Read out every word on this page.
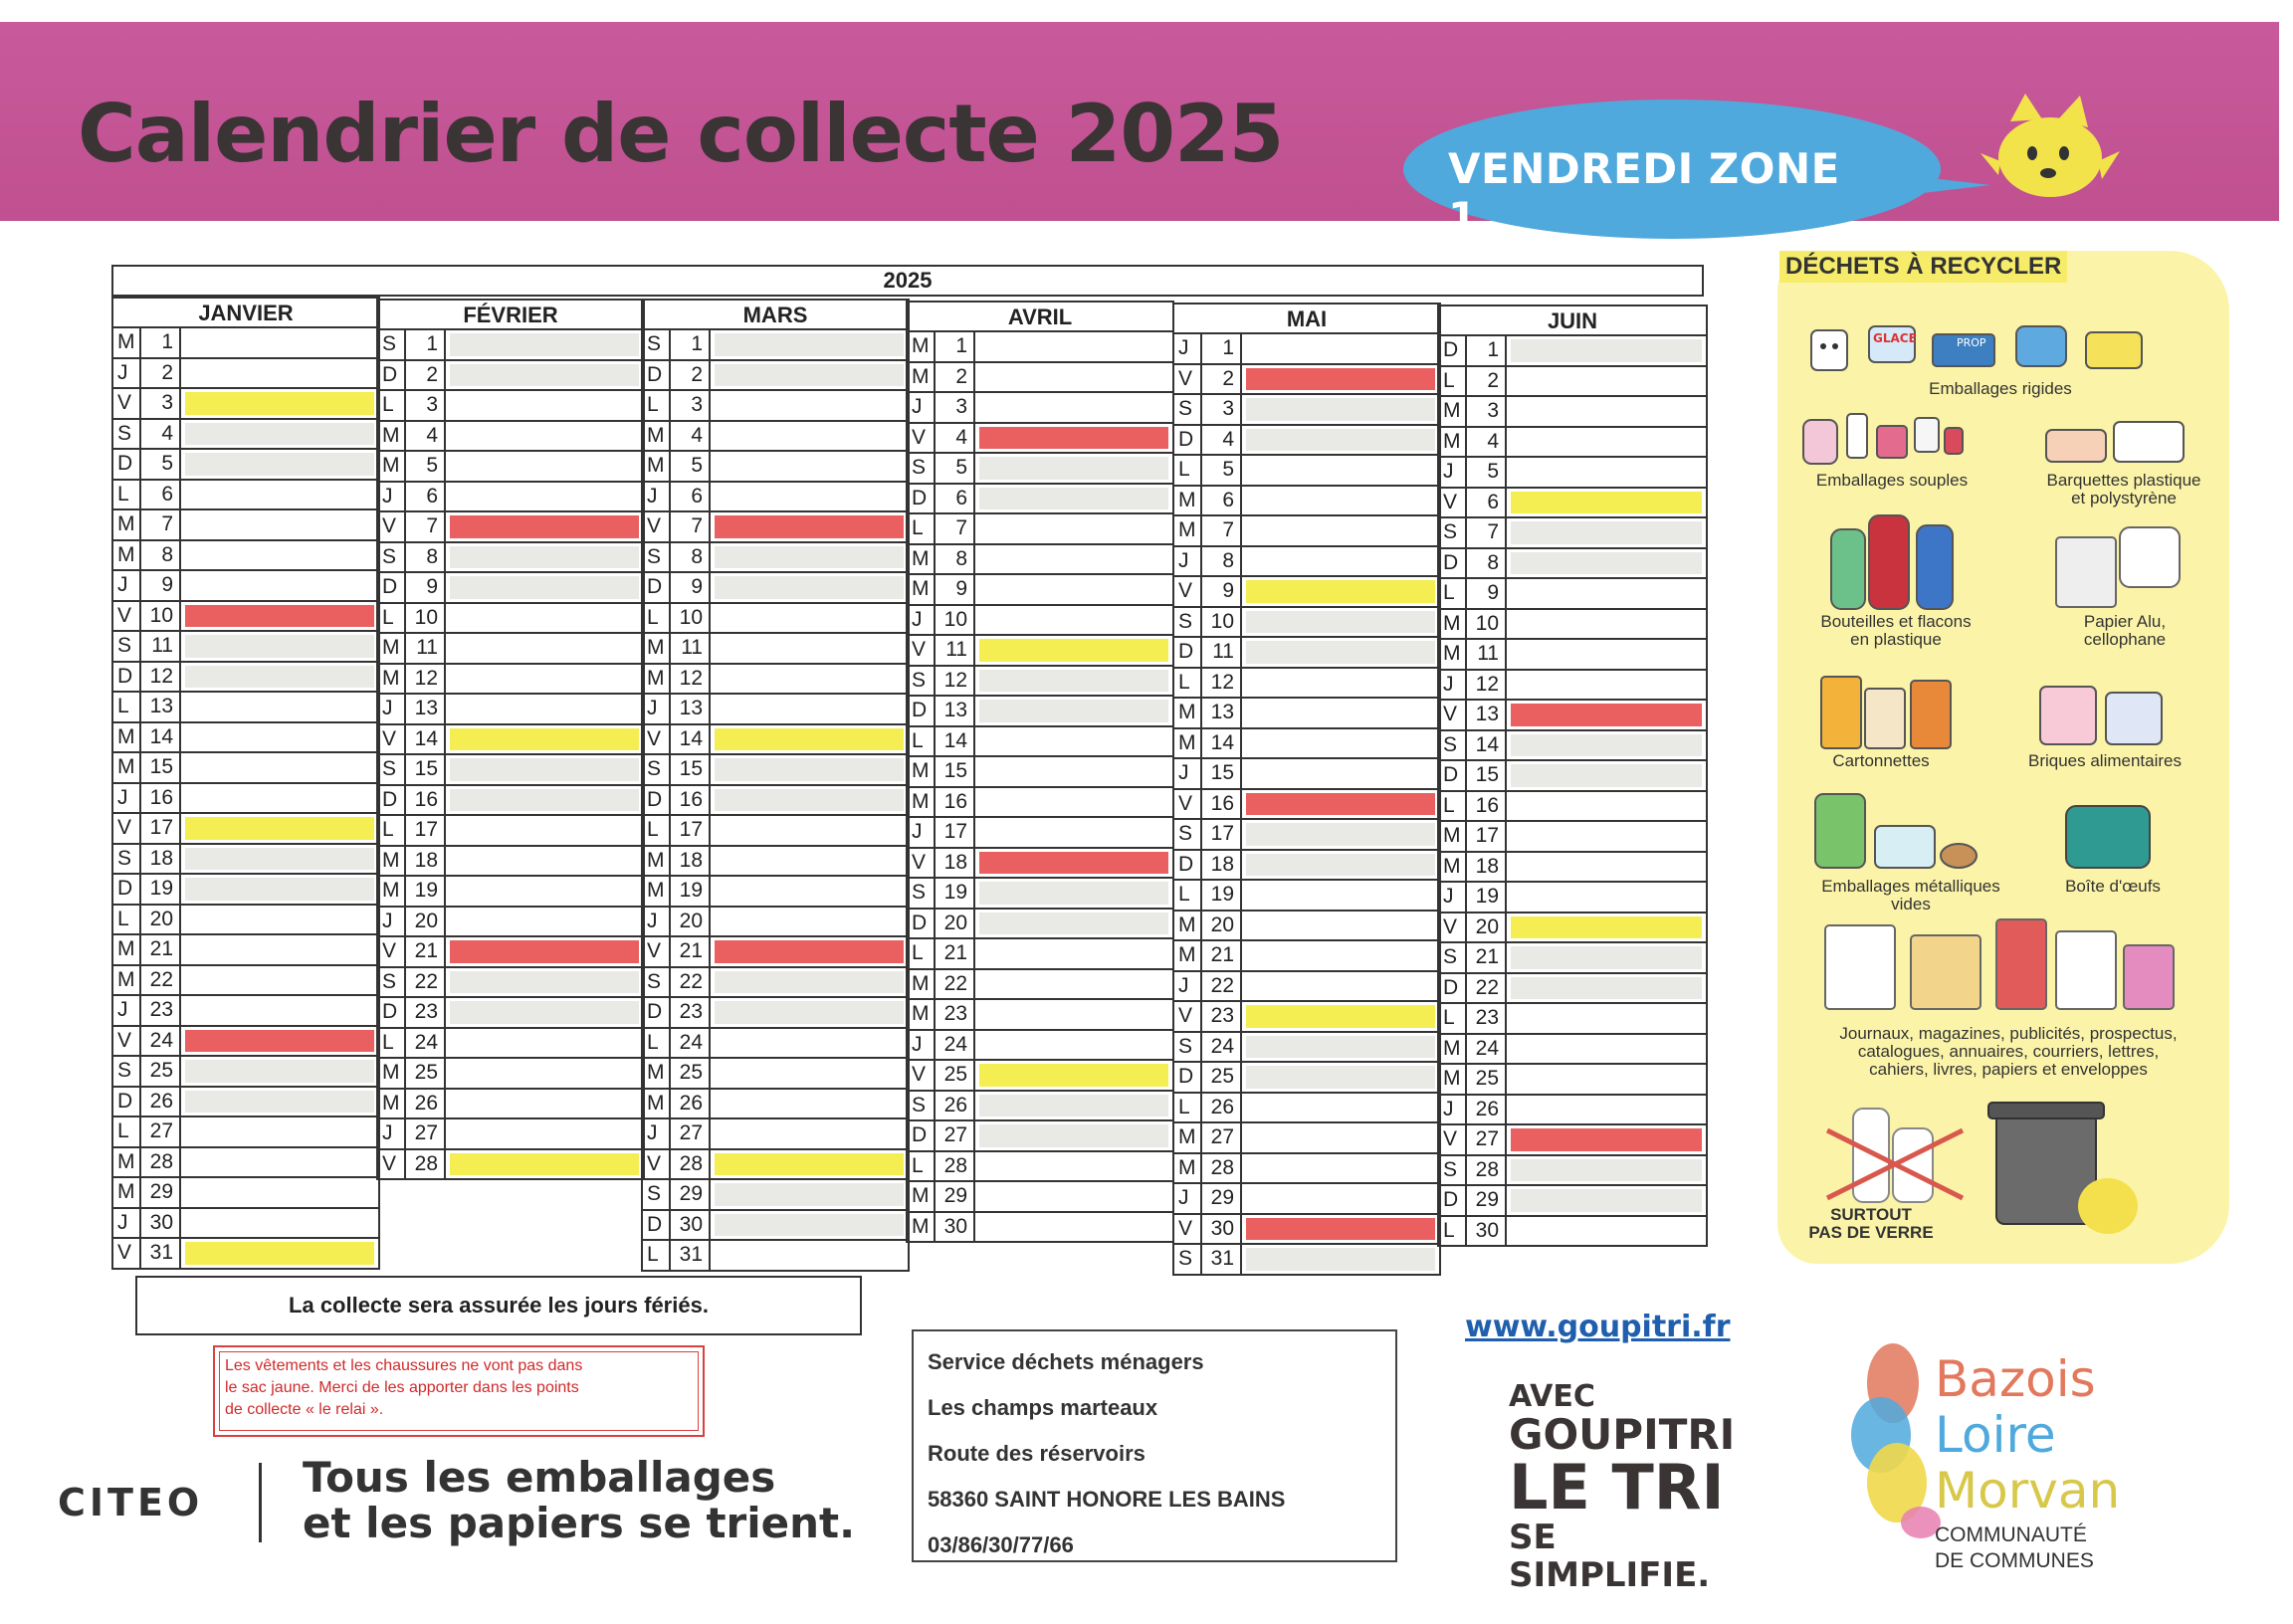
Calendrier de collecte 2025	VENDREDI ZONE 1
2025
JANVIER
M	1
J	2
V	3
S	4
D	5
L	6
M	7
M	8
J	9
V 10
S 11
D 12
L 13
M 14
M 15
J	16
V 17
S 18
D 19
L 20
M 21
M 22
J	23
V 24
S 25
D 26
L 27
M 28
M 29
J	30
V 31
FÉVRIER
S	1
D	2
L	3
M	4
M	5
J	6
V	7
S	8
D	9
L 10
M 11
M 12
J	13
V 14
S 15
D 16
L 17
M 18
M 19
J	20
V 21
S 22
D 23
L 24
M 25
M 26
J	27
V 28
MARS
S	1
D	2
L	3
M	4
M	5
J	6
V	7
S	8
D	9
L 10
M 11
M 12
J	13
V 14
S 15
D 16
L 17
M 18
M 19
J	20
V 21
S 22
D 23
L 24
M 25
M 26
J	27
V 28
S 29
D 30
L 31
AVRIL
M	1
M	2
J	3
V	4
S	5
D	6
L	7
M	8
M	9
J	10
V 11
S 12
D 13
L 14
M 15
M 16
J	17
V 18
S 19
D 20
L 21
M 22
M 23
J	24
V 25
S 26
D 27
L 28
M 29
M 30
MAI
J	1
V	2
S	3
D	4
L	5
M	6
M	7
J	8
V	9
S 10
D 11
L 12
M 13
M 14
J	15
V 16
S 17
D 18
L 19
M 20
M 21
J	22
V 23
S 24
D 25
L 26
M 27
M 28
J	29
V 30
S 31
JUIN
D	1
L	2
M	3
M	4
J	5
V	6
S	7
D	8
L	9
M 10
M 11
J	12
V 13
S 14
D 15
L 16
M 17
M 18
J	19
V 20
S 21
D 22
L 23
M 24
M 25
J	26
V 27
S 28
D 29
L 30
DÉCHETS À RECYCLER
GLACE	PROP
Emballages rigides
Emballages souples	Barquettes plastique
et polystyrène
Bouteilles et flacons
en plastique
Papier Alu,
cellophane
Cartonnettes	Briques alimentaires
Emballages métalliques
vides
Boîte d'œufs
Journaux, magazines, publicités, prospectus,
catalogues, annuaires, courriers, lettres,
cahiers, livres, papiers et enveloppes
SURTOUT
PAS DE VERRE
La collecte sera assurée les jours fériés.
Les vêtements et les chaussures ne vont pas dans
le sac jaune. Merci de les apporter dans les points
de collecte « le relai ».
Service déchets ménagers
Les champs marteaux
Route des réservoirs
58360 SAINT HONORE LES BAINS
03/86/30/77/66
CITEO
Tous les emballages
et les papiers se trient.
www.goupitri.fr
AVEC
GOUPITRI
LE TRI
SE SIMPLIFIE.
Bazois
Loire
Morvan
COMMUNAUTÉ
DE COMMUNES
